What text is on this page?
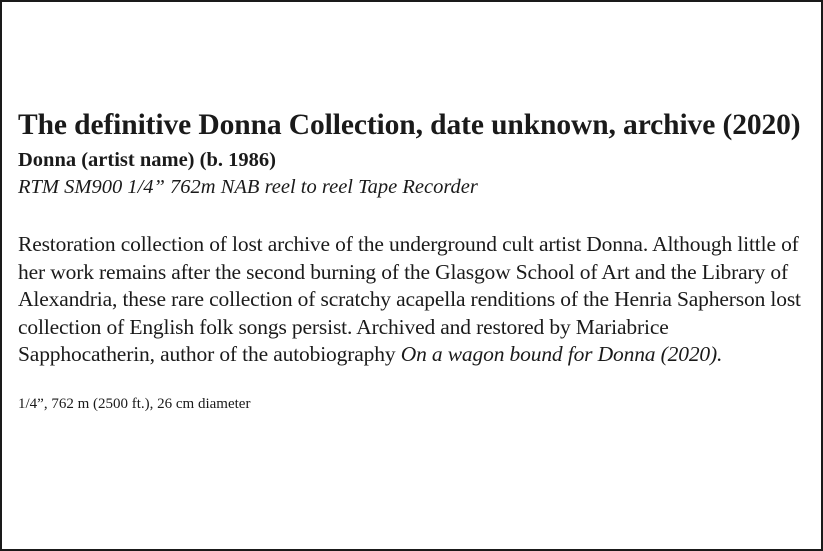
The definitive Donna Collection, date unknown, archive (2020)

Donna (artist name) (b. 1986)

RTM SM900 1/4” 762m NAB reel to reel Tape Recorder

Restoration collection of lost archive of the underground cult artist Donna. Although little of her work remains after the second burning of the Glasgow School of Art and the Library of Alexandria, these rare collection of scratchy acapella renditions of the Henria Sapherson lost collection of English folk songs persist. Archived and restored by Mariabrice Sapphocatherin, author of the autobiography On a wagon bound for Donna (2020).

1/4”, 762 m (2500 ft.), 26 cm diameter
